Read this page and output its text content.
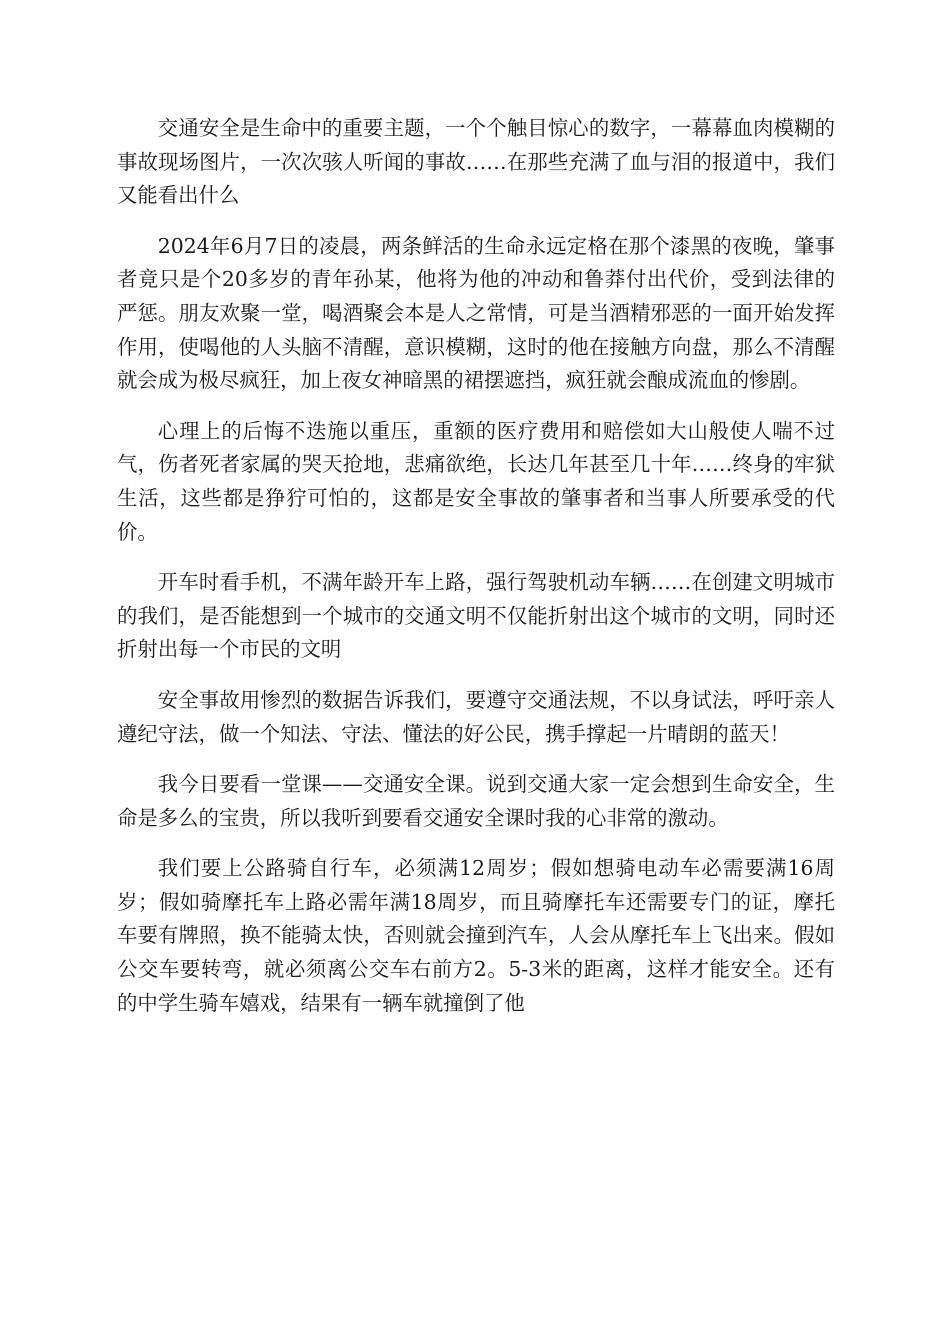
交通安全是生命中的重要主题，一个个触目惊心的数字，一幕幕血肉模糊的事故现场图片，一次次骇人听闻的事故……在那些充满了血与泪的报道中，我们又能看出什么

2024年6月7日的凌晨，两条鲜活的生命永远定格在那个漆黑的夜晚，肇事者竟只是个20多岁的青年孙某，他将为他的冲动和鲁莽付出代价，受到法律的严惩。朋友欢聚一堂，喝酒聚会本是人之常情，可是当酒精邪恶的一面开始发挥作用，使喝他的人头脑不清醒，意识模糊，这时的他在接触方向盘，那么不清醒就会成为极尽疯狂，加上夜女神暗黑的裙摆遮挡，疯狂就会酿成流血的惨剧。

心理上的后悔不迭施以重压，重额的医疗费用和赔偿如大山般使人喘不过气，伤者死者家属的哭天抢地，悲痛欲绝，长达几年甚至几十年……终身的牢狱生活，这些都是狰狞可怕的，这都是安全事故的肇事者和当事人所要承受的代价。

开车时看手机，不满年龄开车上路，强行驾驶机动车辆……在创建文明城市的我们，是否能想到一个城市的交通文明不仅能折射出这个城市的文明，同时还折射出每一个市民的文明

安全事故用惨烈的数据告诉我们，要遵守交通法规，不以身试法，呼吁亲人遵纪守法，做一个知法、守法、懂法的好公民，携手撑起一片晴朗的蓝天！

我今日要看一堂课——交通安全课。说到交通大家一定会想到生命安全，生命是多么的宝贵，所以我听到要看交通安全课时我的心非常的激动。

我们要上公路骑自行车，必须满12周岁；假如想骑电动车必需要满16周岁；假如骑摩托车上路必需年满18周岁，而且骑摩托车还需要专门的证，摩托车要有牌照，换不能骑太快，否则就会撞到汽车，人会从摩托车上飞出来。假如公交车要转弯，就必须离公交车右前方2。5-3米的距离，这样才能安全。还有的中学生骑车嬉戏，结果有一辆车就撞倒了他
